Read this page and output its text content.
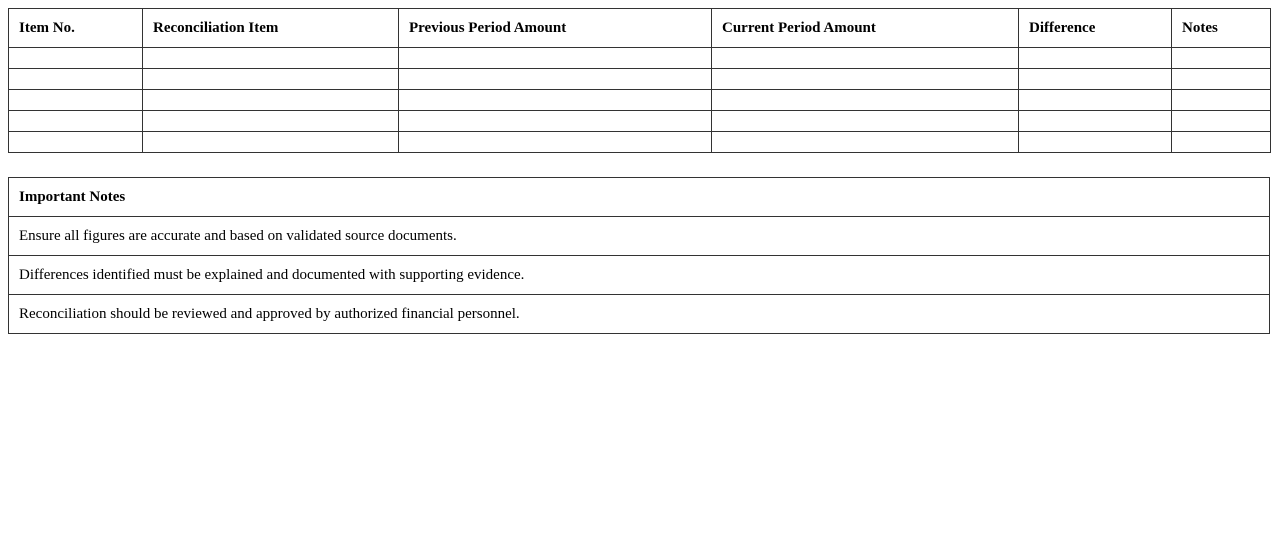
Item No.	Reconciliation Item	Previous Period Amount	Current Period Amount	Difference	Notes

Important Notes
Ensure all figures are accurate and based on validated source documents.
Differences identified must be explained and documented with supporting evidence.
Reconciliation should be reviewed and approved by authorized financial personnel.
